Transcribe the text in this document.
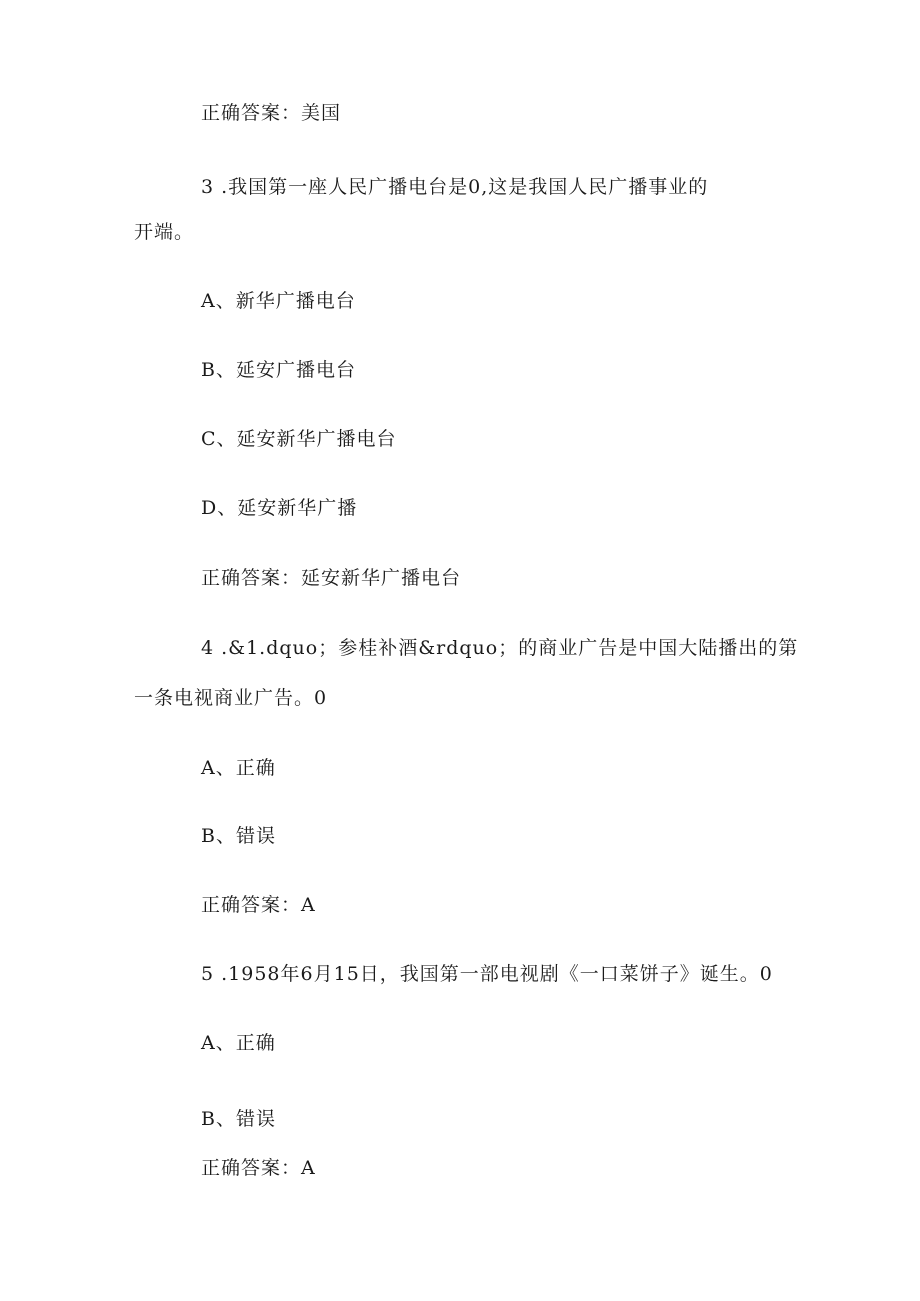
正确答案：美国
3 .我国第一座人民广播电台是0,这是我国人民广播事业的
开端。
A、新华广播电台
B、延安广播电台
C、延安新华广播电台
D、延安新华广播
正确答案：延安新华广播电台
4 .&1.dquo；参桂补酒&rdquo；的商业广告是中国大陆播出的第
一条电视商业广告。0
A、正确
B、错误
正确答案：A
5 .1958年6月15日，我国第一部电视剧《一口菜饼子》诞生。0
A、正确
B、错误
正确答案：A
